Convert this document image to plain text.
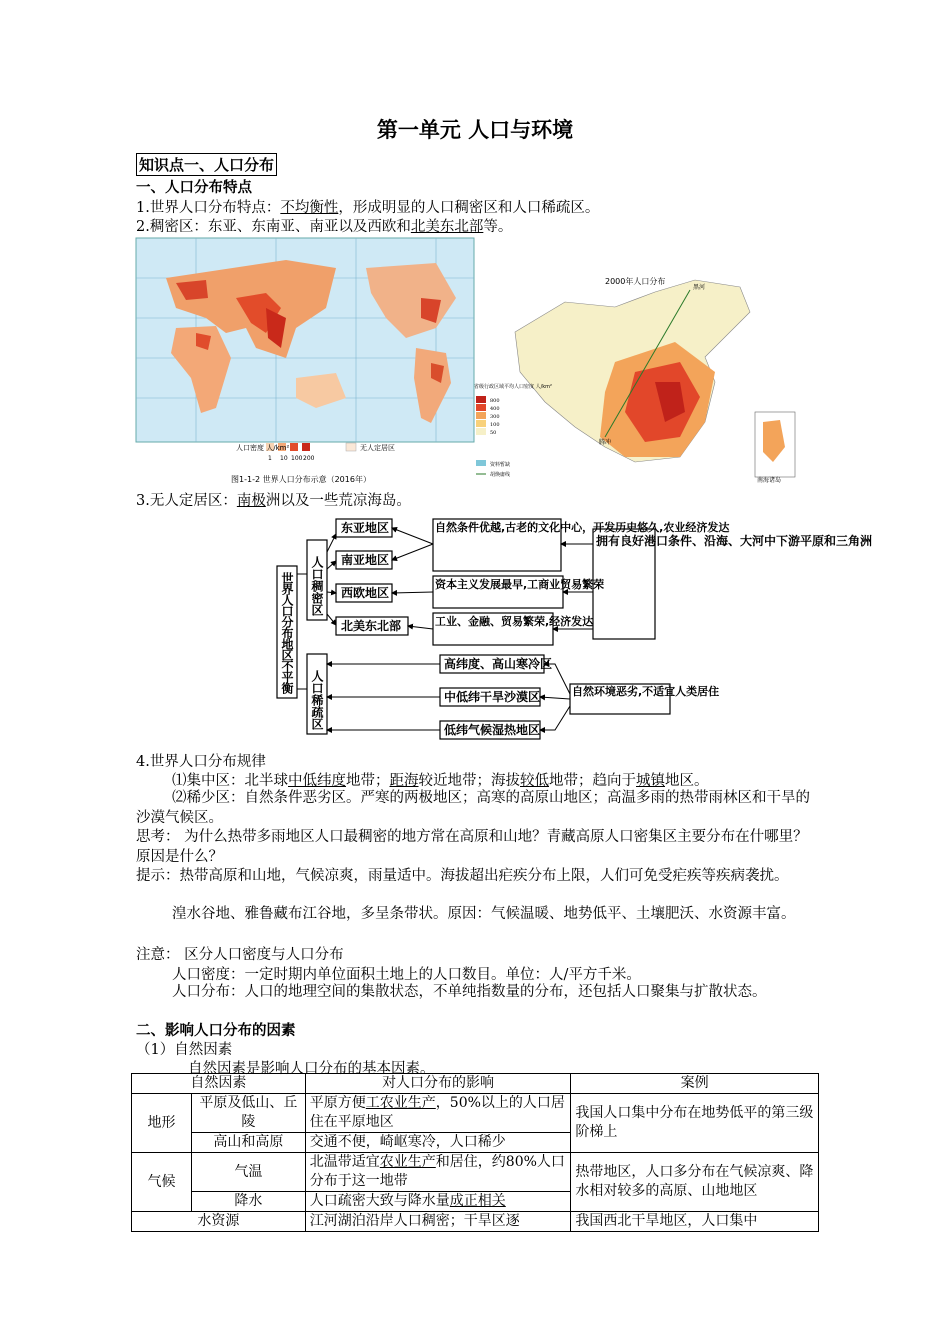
第一单元 人口与环境
知识点一、人口分布
一、人口分布特点
1.世界人口分布特点：不均衡性，形成明显的人口稠密区和人口稀疏区。
2.稠密区：东亚、东南亚、南亚以及西欧和北美东北部等。
人口密度 人/km²
1 10 100 200
无人定居区
图1-1-2 世界人口分布示意（2016年）
2000年人口分布
黑河
腾冲
南海诸岛
省级行政区域平均人口密度 人/km²
800
400
300
100
50
资料暂缺
胡焕庸线
3.无人定居区：南极洲以及一些荒凉海岛。
世界人口分布地区不平衡 人口稠密区
人口稀疏区
东亚地区
南亚地区
西欧地区
北美东北部
自然条件优越,古老的文化中心，开发历史悠久,农业经济发达
资本主义发展最早,工商业贸易繁荣
工业、金融、贸易繁荣,经济发达
拥有良好港口条件、沿海、大河中下游平原和三角洲
高纬度、高山寒冷区
中低纬干旱沙漠区
低纬气候湿热地区
自然环境恶劣,不适宜人类居住
4.世界人口分布规律
⑴集中区：北半球中低纬度地带；距海较近地带；海拔较低地带；趋向于城镇地区。
⑵稀少区：自然条件恶劣区。严寒的两极地区；高寒的高原山地区；高温多雨的热带雨林区和干旱的沙漠气候区。
思考： 为什么热带多雨地区人口最稠密的地方常在高原和山地？青藏高原人口密集区主要分布在什哪里？原因是什么？
提示：热带高原和山地，气候凉爽，雨量适中。海拔超出疟疾分布上限，人们可免受疟疾等疾病袭扰。
湟水谷地、雅鲁藏布江谷地，多呈条带状。原因：气候温暖、地势低平、土壤肥沃、水资源丰富。
注意： 区分人口密度与人口分布
人口密度：一定时期内单位面积土地上的人口数目。单位：人/平方千米。
人口分布：人口的地理空间的集散状态，不单纯指数量的分布，还包括人口聚集与扩散状态。
二、影响人口分布的因素
（1）自然因素
自然因素是影响人口分布的基本因素。
自然因素		对人口分布的影响	案例
地形	平原及低山、丘陵	平原方便工农业生产，50%以上的人口居住在平原地区	我国人口集中分布在地势低平的第三级阶梯上
	高山和高原	交通不便，崎岖寒冷，人口稀少	
气候	气温	北温带适宜农业生产和居住，约80%人口分布于这一地带	热带地区，人口多分布在气候凉爽、降水相对较多的高原、山地地区
	降水	人口疏密大致与降水量成正相关	
水资源		江河湖泊沿岸人口稠密；干旱区逐	我国西北干旱地区，人口集中
